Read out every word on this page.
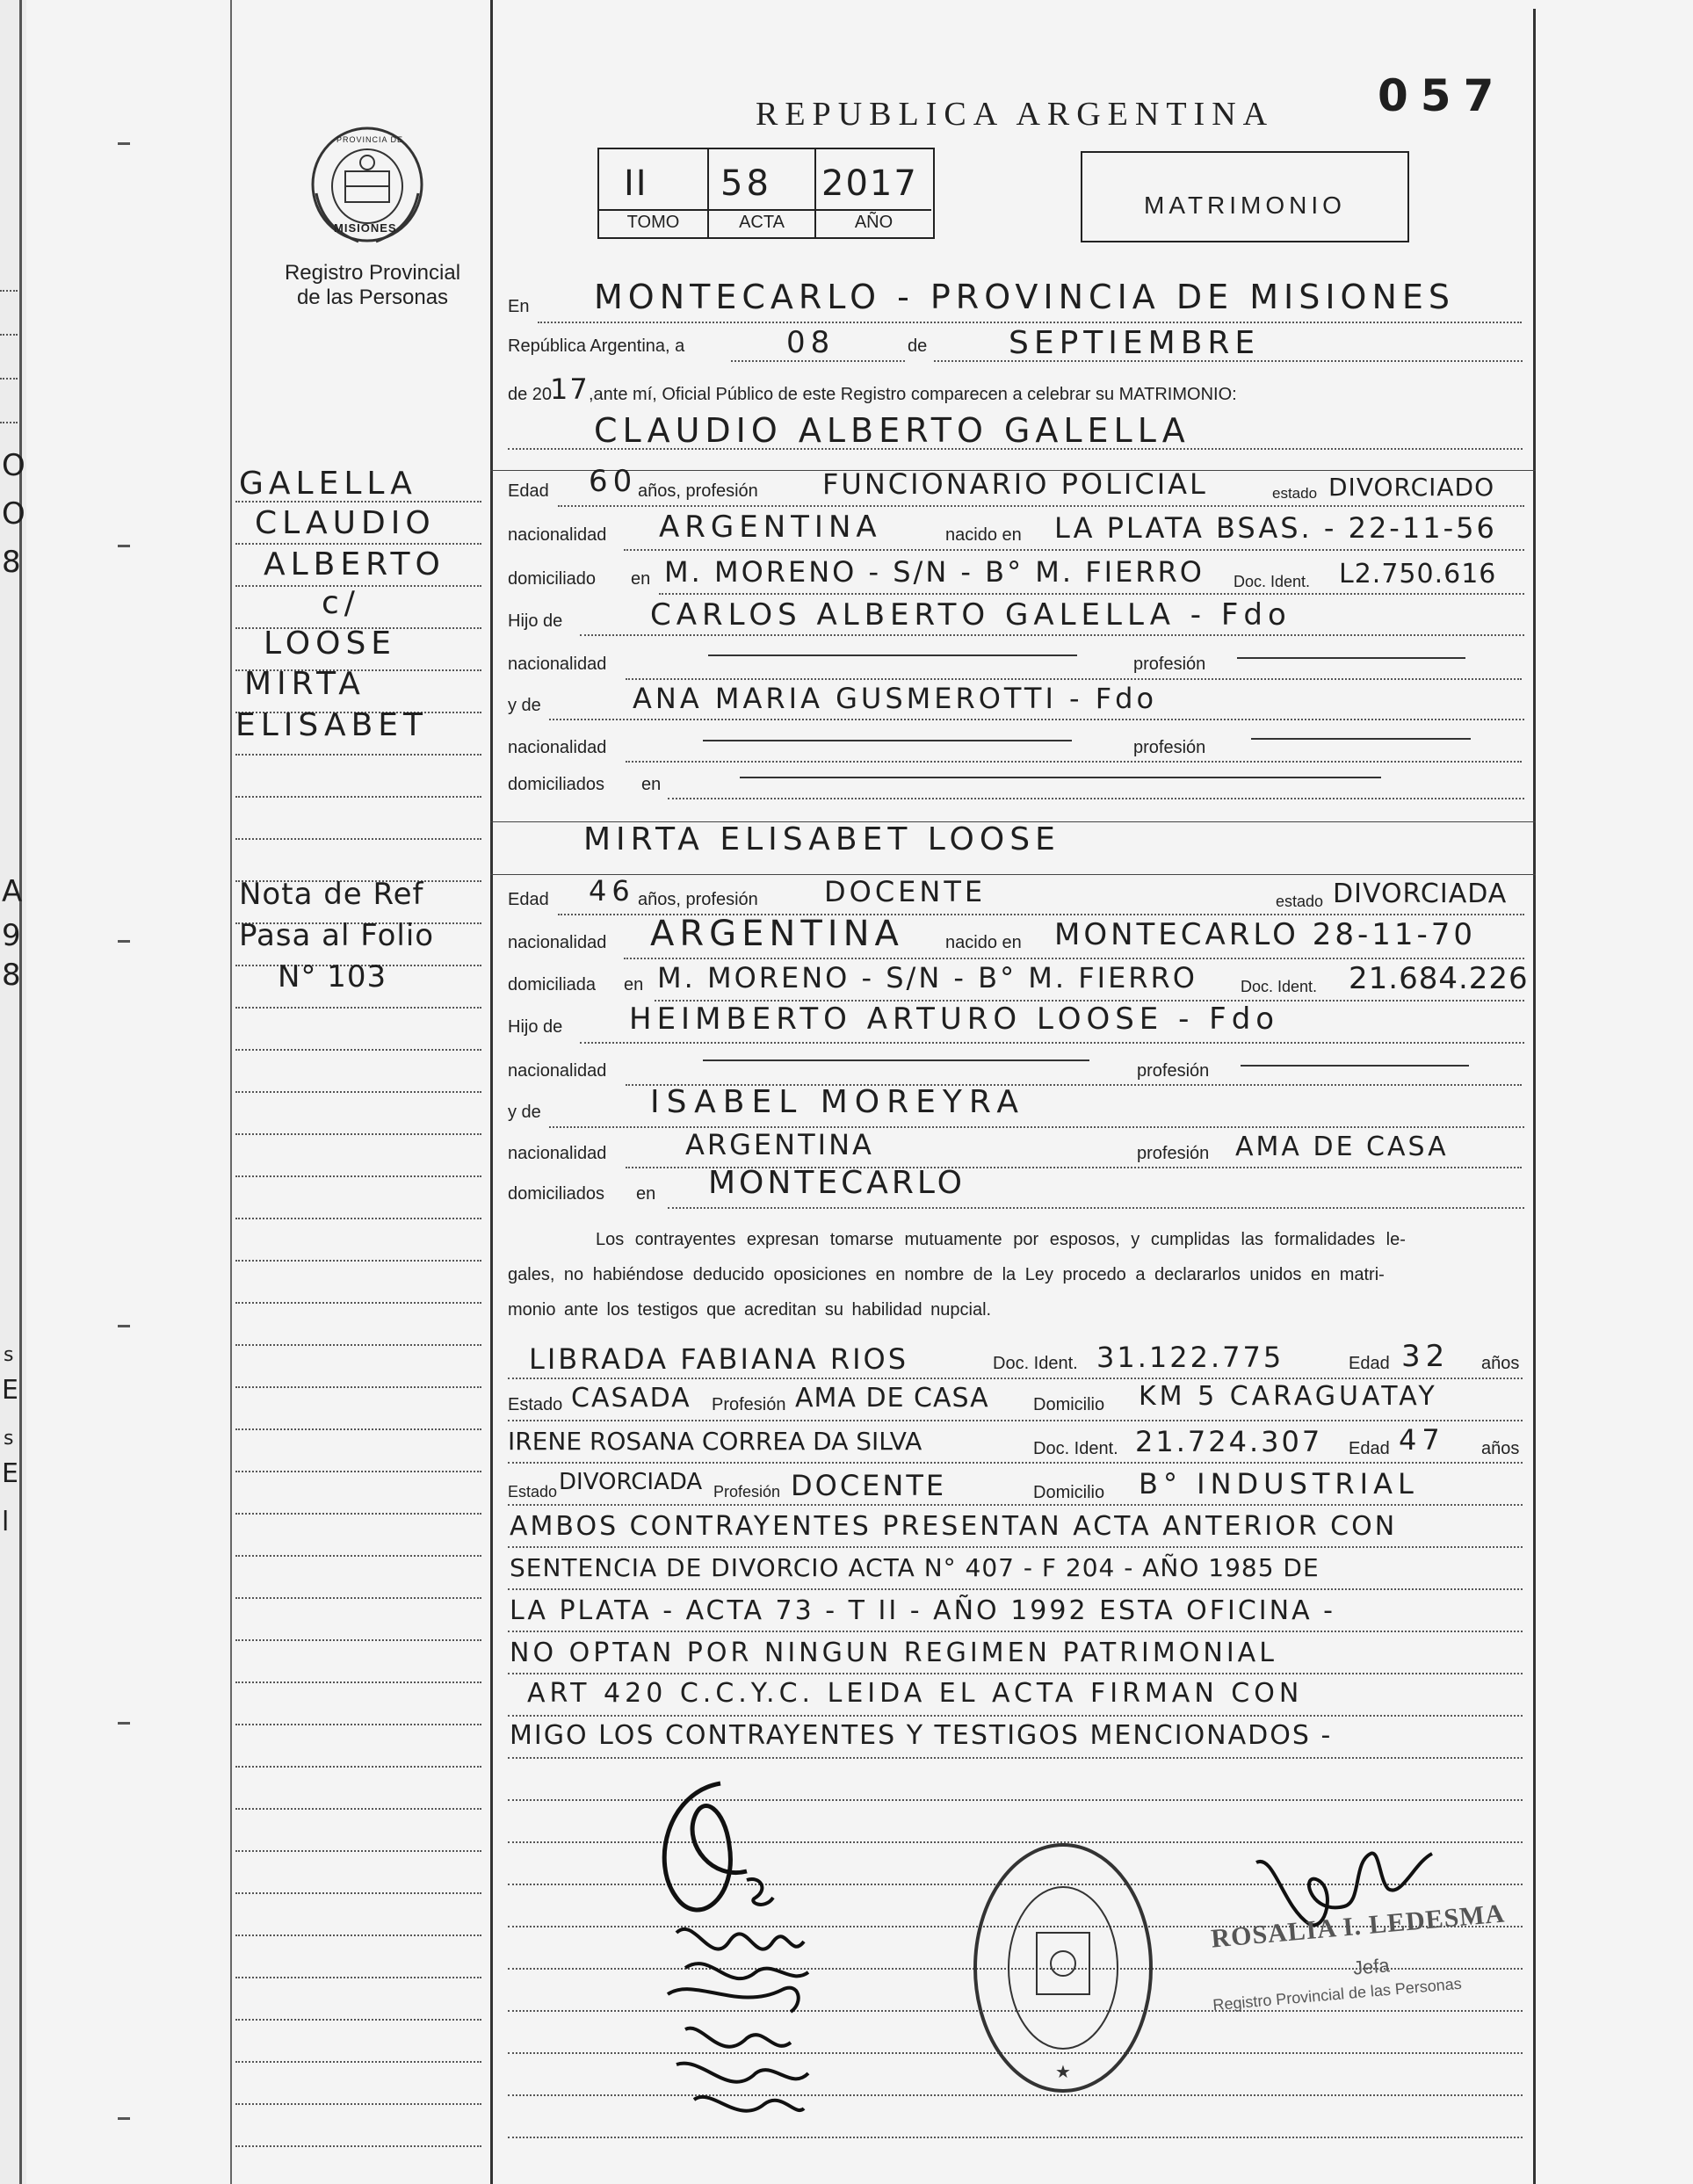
O
O
8
A
9
8
s
E
s
E
l
REPUBLICA ARGENTINA 057
PROVINCIA DE
MISIONES
Registro Provincial
de las Personas
II 58 2017
TOMO	ACTA	AÑO
MATRIMONIO
En MONTECARLO - PROVINCIA DE MISIONES
República Argentina, a	08	de	SEPTIEMBRE
de 20
17 ,ante mí, Oficial Público de este Registro comparecen a celebrar su MATRIMONIO:
CLAUDIO ALBERTO GALELLA
GALELLA
CLAUDIO
ALBERTO
c/
LOOSE
MIRTA
ELISABET
Nota de Ref
Pasa al Folio
N° 103
Edad 60 años, profesión FUNCIONARIO POLICIAL	estado DIVORCIADO
nacionalidad ARGENTINA	nacido en LA PLATA BSAS. - 22-11-56
domiciliado en M. MORENO - S/N - B° M. FIERRO Doc. Ident. L2.750.616
Hijo de	CARLOS ALBERTO GALELLA - Fdo
nacionalidad	profesión
y de	ANA MARIA GUSMEROTTI - Fdo
nacionalidad	profesión
domiciliados en
MIRTA ELISABET LOOSE
Edad 46 años, profesión DOCENTE	estado DIVORCIADA
nacionalidad ARGENTINA nacido en MONTECARLO 28-11-70
domiciliada en M. MORENO - S/N - B° M. FIERRO	Doc. Ident. 21.684.226
Hijo de HEIMBERTO ARTURO LOOSE - Fdo
nacionalidad	profesión
y de	ISABEL MOREYRA
nacionalidad	ARGENTINA	profesión AMA DE CASA
domiciliados en MONTECARLO
Los contrayentes expresan tomarse mutuamente por esposos, y cumplidas las formalidades le-
gales, no habiéndose deducido oposiciones en nombre de la Ley procedo a declararlos unidos en matri-
monio ante los testigos que acreditan su habilidad nupcial.
LIBRADA FABIANA RIOS	Doc. Ident. 31.122.775	Edad 32 años
Estado CASADA Profesión AMA DE CASA	Domicilio KM 5 CARAGUATAY
IRENE ROSANA CORREA DA SILVA	Doc. Ident. 21.724.307 Edad 47 años
Estado DIVORCIADA Profesión DOCENTE	Domicilio B° INDUSTRIAL
AMBOS CONTRAYENTES PRESENTAN ACTA ANTERIOR CON
SENTENCIA DE DIVORCIO ACTA N° 407 - F 204 - AÑO 1985 DE
LA PLATA - ACTA 73 - T II - AÑO 1992 ESTA OFICINA -
NO OPTAN POR NINGUN REGIMEN PATRIMONIAL
ART 420 C.C.Y.C. LEIDA EL ACTA FIRMAN CON
MIGO LOS CONTRAYENTES Y TESTIGOS MENCIONADOS -
★
ROSALIA I. LEDESMA
Jefa
Registro Provincial de las Personas
